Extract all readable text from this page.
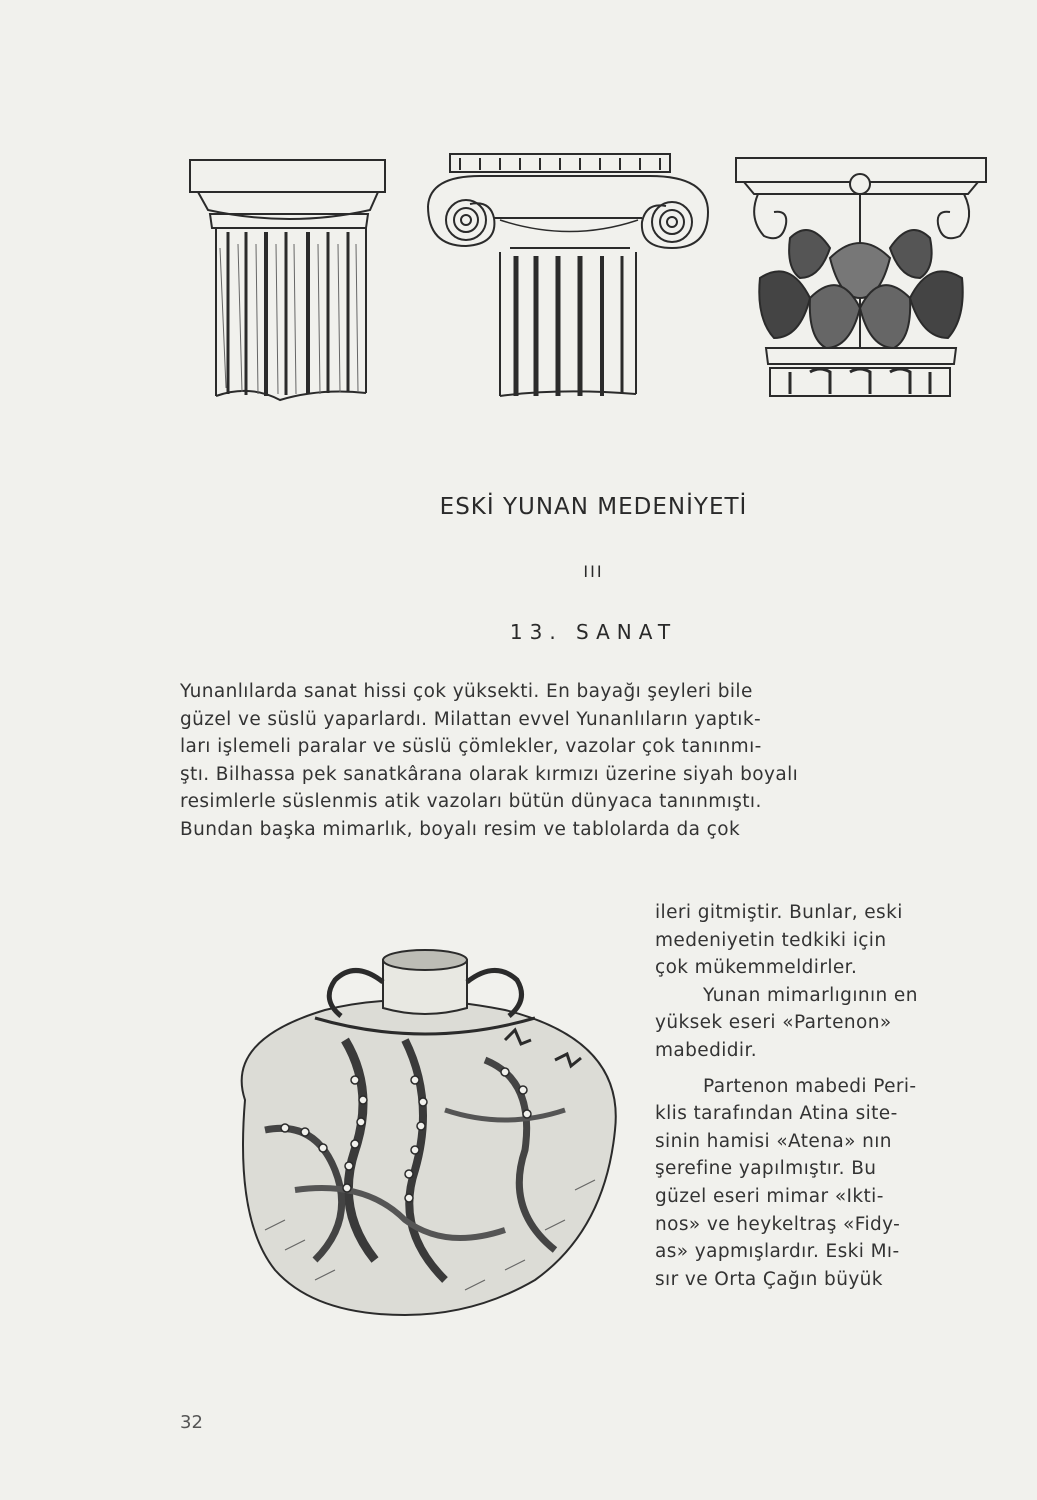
ESKİ YUNAN MEDENİYETİ
III
13. SANAT
Yunanlılarda sanat hissi çok yüksekti. En bayağı şeyleri bile
güzel ve süslü yaparlardı. Milattan evvel Yunanlıların yaptık-
ları işlemeli paralar ve süslü çömlekler, vazolar çok tanınmı-
ştı. Bilhassa pek sanatkârana olarak kırmızı üzerine siyah boyalı
resimlerle süslenmis atik vazoları bütün dünyaca tanınmıştı.
Bundan başka mimarlık, boyalı resim ve tablolarda da çok
ileri gitmiştir. Bunlar, eski
medeniyetin tedkiki için
çok mükemmeldirler.
Yunan mimarlıgının en
yüksek eseri «Partenon»
mabedidir.
Partenon mabedi Peri-
klis tarafından Atina site-
sinin hamisi «Atena» nın
şerefine yapılmıştır. Bu
güzel eseri mimar «Ikti-
nos» ve heykeltraş «Fidy-
as» yapmışlardır. Eski Mı-
sır ve Orta Çağın büyük
32
